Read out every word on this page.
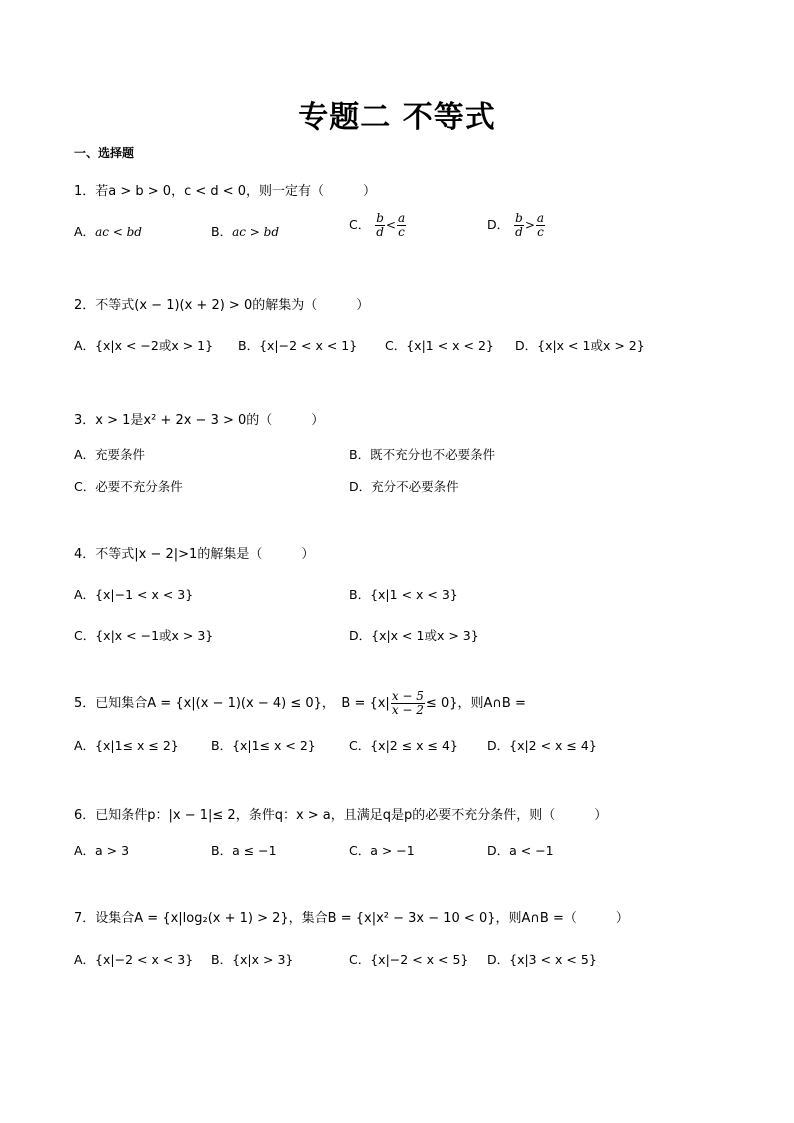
专题二 不等式
一、选择题
1．若a > b > 0，c < d < 0，则一定有（　　　）
A．ac < bd	B．ac > bd	C． $\frac{b}{d} < \frac{a}{c}$	D． $\frac{b}{d} > \frac{a}{c}$
2．不等式(x − 1)(x + 2) > 0的解集为（　　　）
A．{x|x < −2或x > 1} B．{x|−2 < x < 1} C．{x|1 < x < 2} D．{x|x < 1或x > 2}
3．x > 1是x² + 2x − 3 > 0的（　　　）
A．充要条件	B．既不充分也不必要条件
C．必要不充分条件	D．充分不必要条件
4．不等式|x − 2|>1的解集是（　　　）
A．{x|−1 < x < 3}	B．{x|1 < x < 3}
C．{x|x < −1或x > 3}	D．{x|x < 1或x > 3}
5．已知集合A = {x|(x − 1)(x − 4) ≤ 0}，　$B = \{x| \frac{x - 5}{x - 2} \le 0\}$，则A∩B =
A．{x|1≤ x ≤ 2}	B．{x|1≤ x < 2}	C．{x|2 ≤ x ≤ 4} D．{x|2 < x ≤ 4}
6．已知条件p：|x − 1|≤ 2，条件q：x > a，且满足q是p的必要不充分条件，则（　　　）
A．a > 3	B．a ≤ −1	C．a > −1	D．a < −1
7．设集合A = {x|log₂(x + 1) > 2}，集合B = {x|x² − 3x − 10 < 0}，则A∩B =（　　　）
A．{x|−2 < x < 3} B．{x|x > 3}	C．{x|−2 < x < 5} D．{x|3 < x < 5}
